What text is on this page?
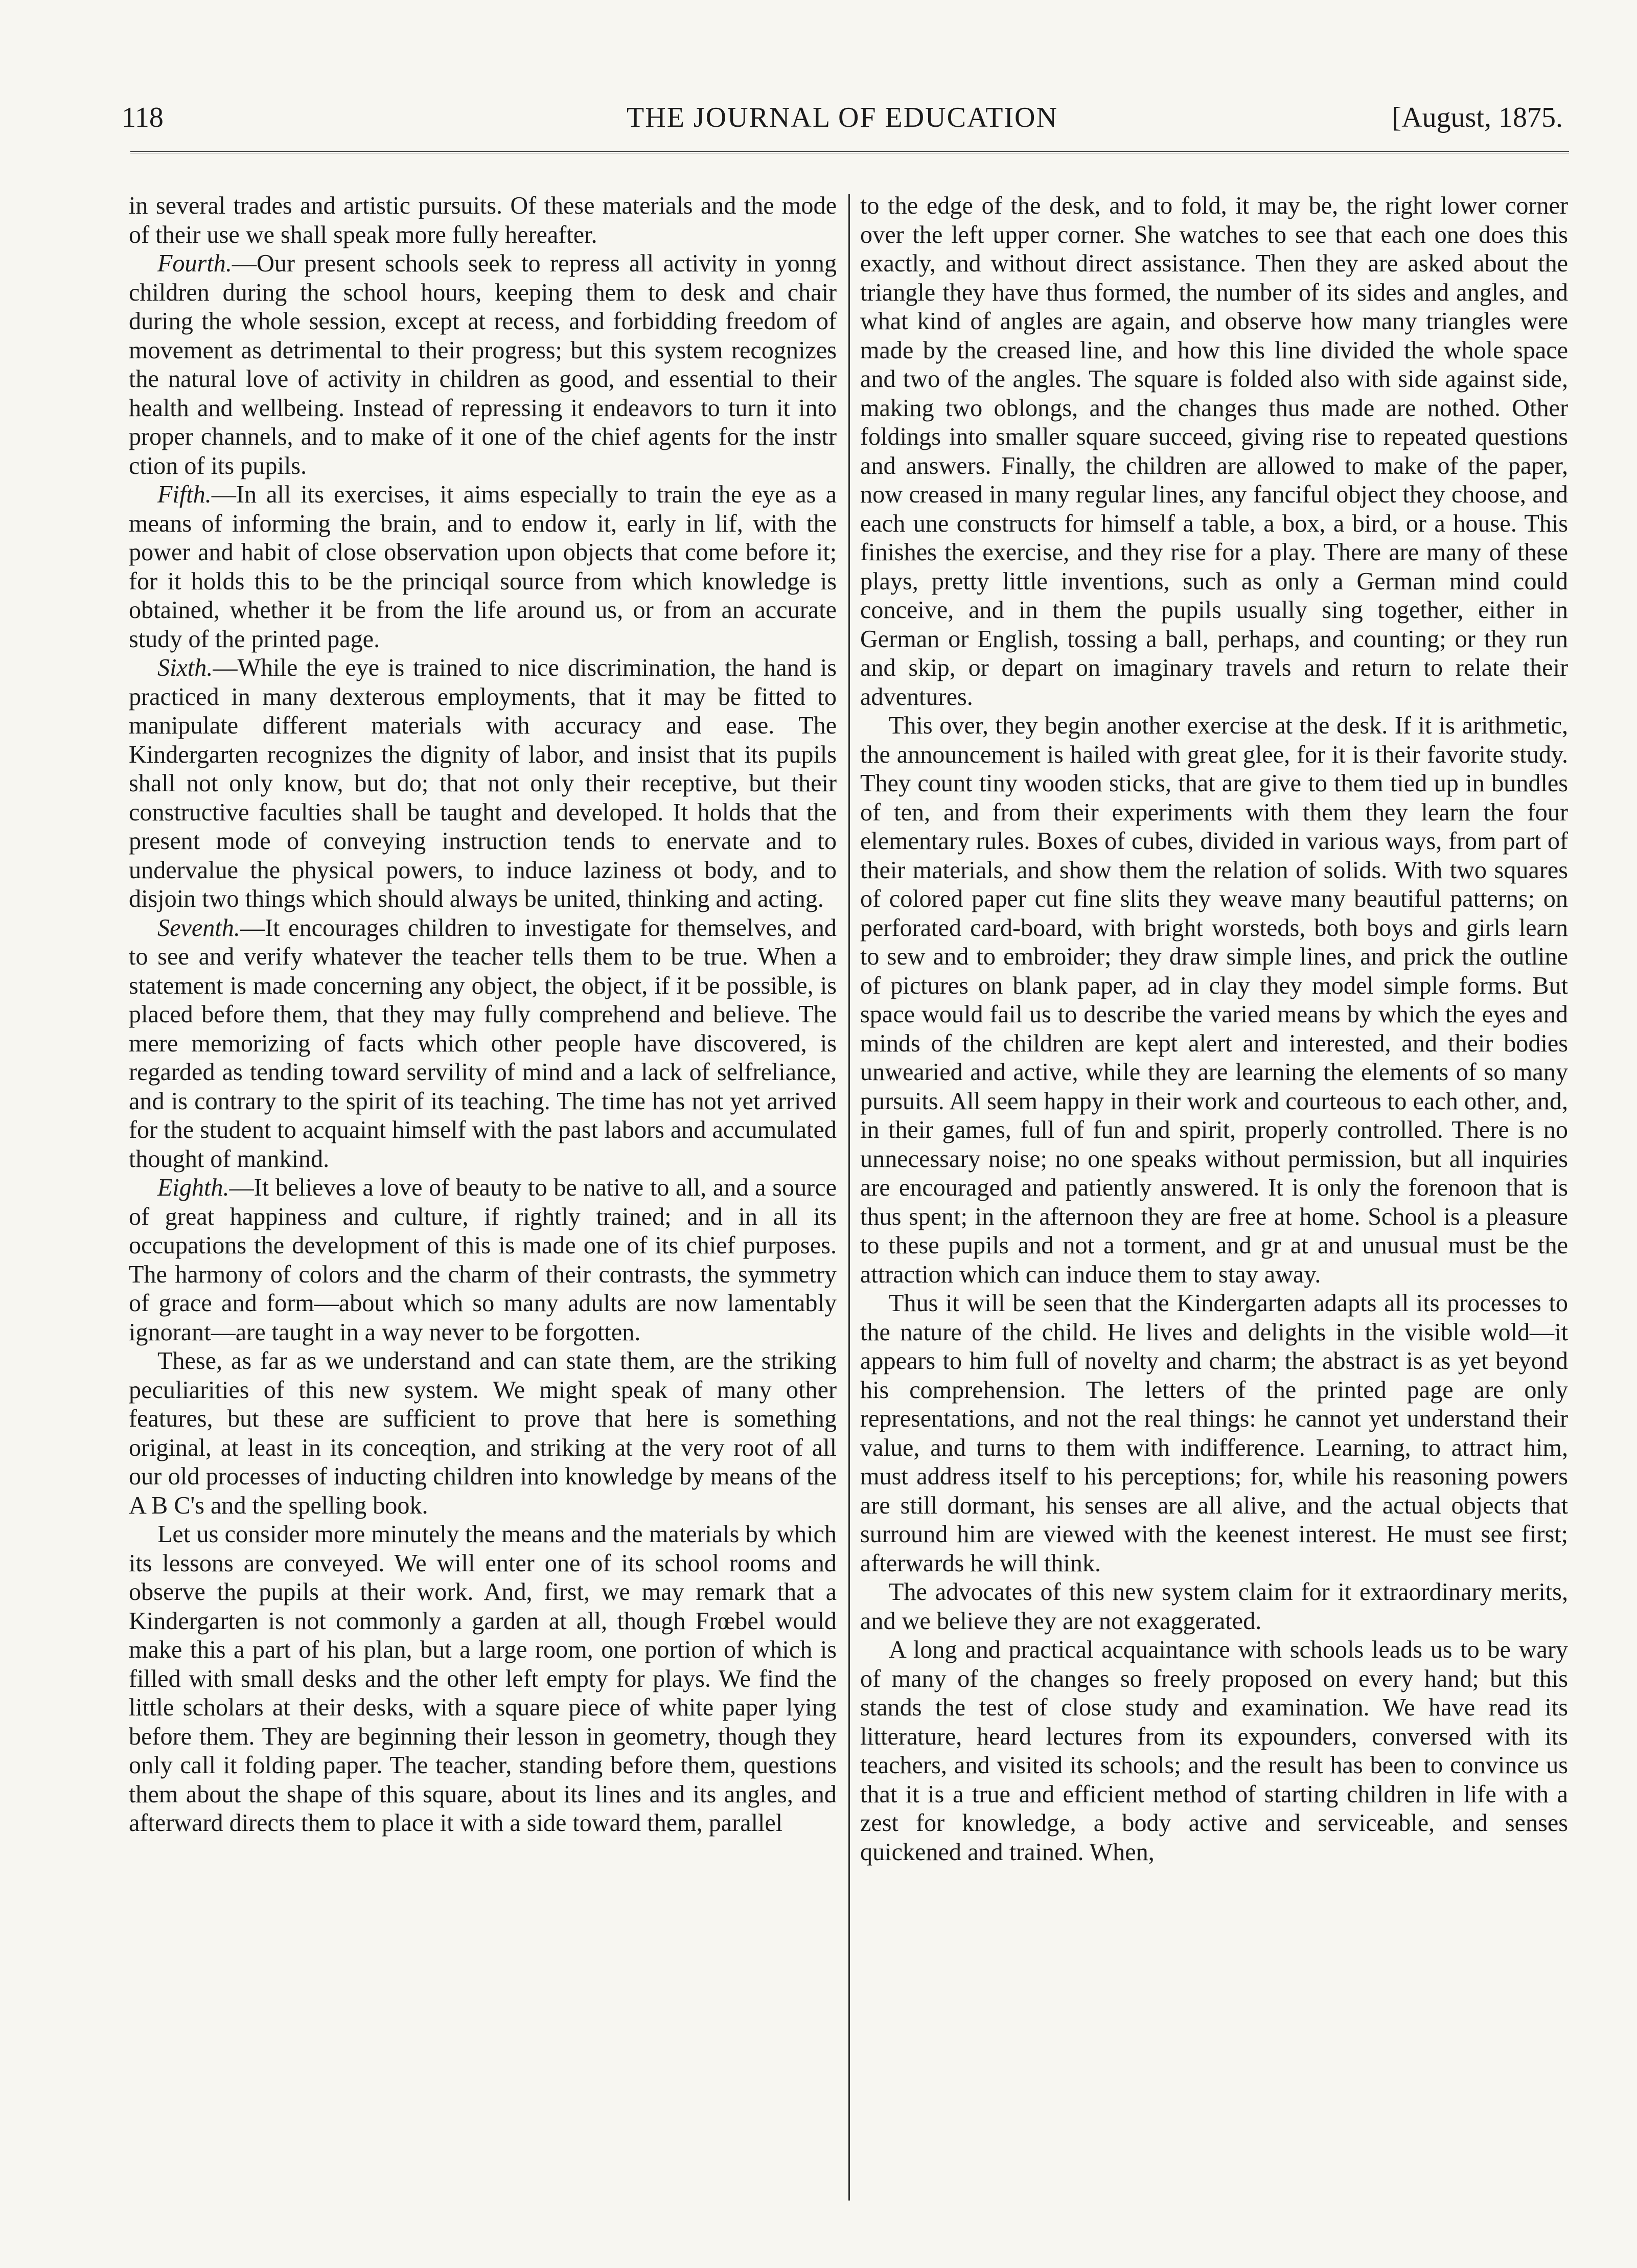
118	THE JOURNAL OF EDUCATION	[August, 1875.

in several trades and artistic pursuits. Of these materials and the mode of their use we shall speak more fully hereafter.

Fourth.—Our present schools seek to repress all activity in yonng children during the school hours, keeping them to desk and chair during the whole session, except at recess, and forbidding freedom of movement as detrimental to their progress; but this system recognizes the natural love of activity in children as good, and essential to their health and wellbeing. Instead of repressing it endeavors to turn it into proper channels, and to make of it one of the chief agents for the instr ction of its pupils.

Fifth.—In all its exercises, it aims especially to train the eye as a means of informing the brain, and to endow it, early in lif, with the power and habit of close observation upon objects that come before it; for it holds this to be the princiqal source from which knowledge is obtained, whether it be from the life around us, or from an accurate study of the printed page.

Sixth.—While the eye is trained to nice discrimination, the hand is practiced in many dexterous employments, that it may be fitted to manipulate different materials with accuracy and ease. The Kindergarten recognizes the dignity of labor, and insist that its pupils shall not only know, but do; that not only their receptive, but their constructive faculties shall be taught and developed. It holds that the present mode of conveying instruction tends to enervate and to undervalue the physical powers, to induce laziness ot body, and to disjoin two things which should always be united, thinking and acting.

Seventh.—It encourages children to investigate for themselves, and to see and verify whatever the teacher tells them to be true. When a statement is made concerning any object, the object, if it be possible, is placed before them, that they may fully comprehend and believe. The mere memorizing of facts which other people have discovered, is regarded as tending toward servility of mind and a lack of selfreliance, and is contrary to the spirit of its teaching. The time has not yet arrived for the student to acquaint himself with the past labors and accumulated thought of mankind.

Eighth.—It believes a love of beauty to be native to all, and a source of great happiness and culture, if rightly trained; and in all its occupations the development of this is made one of its chief purposes. The harmony of colors and the charm of their contrasts, the symmetry of grace and form—about which so many adults are now lamentably ignorant—are taught in a way never to be forgotten.

These, as far as we understand and can state them, are the striking peculiarities of this new system. We might speak of many other features, but these are sufficient to prove that here is something original, at least in its conceqtion, and striking at the very root of all our old processes of inducting children into knowledge by means of the A B C's and the spelling book.

Let us consider more minutely the means and the materials by which its lessons are conveyed. We will enter one of its school rooms and observe the pupils at their work. And, first, we may remark that a Kindergarten is not commonly a garden at all, though Frœbel would make this a part of his plan, but a large room, one portion of which is filled with small desks and the other left empty for plays. We find the little scholars at their desks, with a square piece of white paper lying before them. They are beginning their lesson in geometry, though they only call it folding paper. The teacher, standing before them, questions them about the shape of this square, about its lines and its angles, and afterward directs them to place it with a side toward them, parallel

to the edge of the desk, and to fold, it may be, the right lower corner over the left upper corner. She watches to see that each one does this exactly, and without direct assistance. Then they are asked about the triangle they have thus formed, the number of its sides and angles, and what kind of angles are again, and observe how many triangles were made by the creased line, and how this line divided the whole space and two of the angles. The square is folded also with side against side, making two oblongs, and the changes thus made are nothed. Other foldings into smaller square succeed, giving rise to repeated questions and answers. Finally, the children are allowed to make of the paper, now creased in many regular lines, any fanciful object they choose, and each une constructs for himself a table, a box, a bird, or a house. This finishes the exercise, and they rise for a play. There are many of these plays, pretty little inventions, such as only a German mind could conceive, and in them the pupils usually sing together, either in German or English, tossing a ball, perhaps, and counting; or they run and skip, or depart on imaginary travels and return to relate their adventures.

This over, they begin another exercise at the desk. If it is arithmetic, the announcement is hailed with great glee, for it is their favorite study. They count tiny wooden sticks, that are give to them tied up in bundles of ten, and from their experiments with them they learn the four elementary rules. Boxes of cubes, divided in various ways, from part of their materials, and show them the relation of solids. With two squares of colored paper cut fine slits they weave many beautiful patterns; on perforated card-board, with bright worsteds, both boys and girls learn to sew and to embroider; they draw simple lines, and prick the outline of pictures on blank paper, ad in clay they model simple forms. But space would fail us to describe the varied means by which the eyes and minds of the children are kept alert and interested, and their bodies unwearied and active, while they are learning the elements of so many pursuits. All seem happy in their work and courteous to each other, and, in their games, full of fun and spirit, properly controlled. There is no unnecessary noise; no one speaks without permission, but all inquiries are encouraged and patiently answered. It is only the forenoon that is thus spent; in the afternoon they are free at home. School is a pleasure to these pupils and not a torment, and gr at and unusual must be the attraction which can induce them to stay away.

Thus it will be seen that the Kindergarten adapts all its processes to the nature of the child. He lives and delights in the visible wold—it appears to him full of novelty and charm; the abstract is as yet beyond his comprehension. The letters of the printed page are only representations, and not the real things: he cannot yet understand their value, and turns to them with indifference. Learning, to attract him, must address itself to his perceptions; for, while his reasoning powers are still dormant, his senses are all alive, and the actual objects that surround him are viewed with the keenest interest. He must see first; afterwards he will think.

The advocates of this new system claim for it extraordinary merits, and we believe they are not exaggerated.

A long and practical acquaintance with schools leads us to be wary of many of the changes so freely proposed on every hand; but this stands the test of close study and examination. We have read its litterature, heard lectures from its expounders, conversed with its teachers, and visited its schools; and the result has been to convince us that it is a true and efficient method of starting children in life with a zest for knowledge, a body active and serviceable, and senses quickened and trained. When,
